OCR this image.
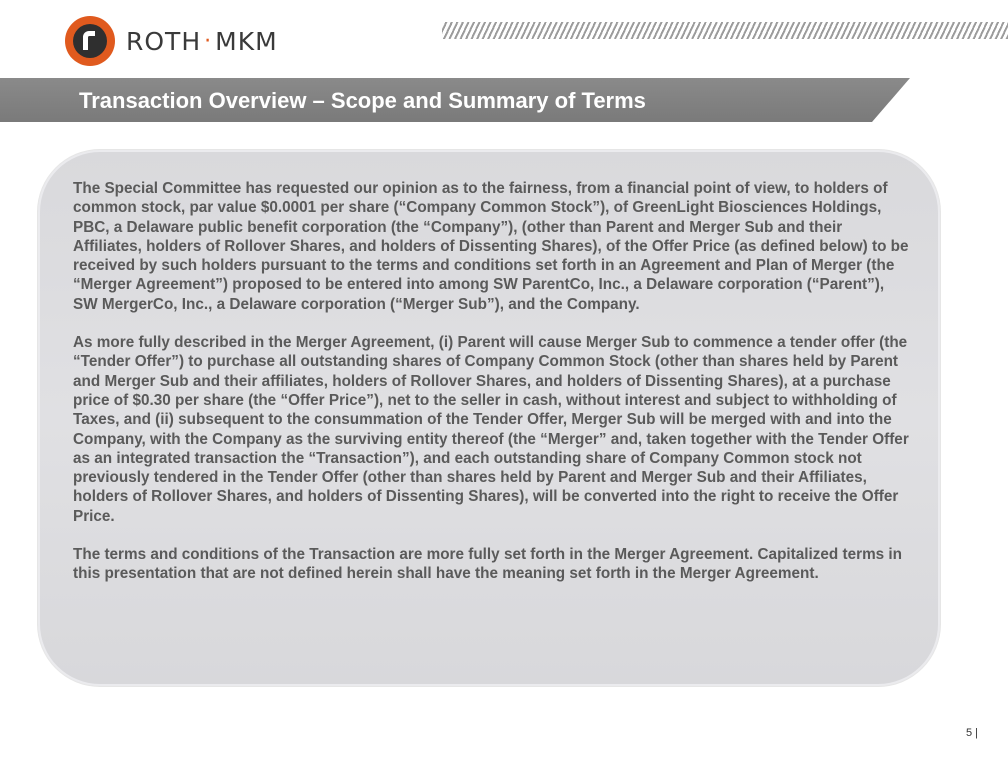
ROTH · MKM
Transaction Overview – Scope and Summary of Terms

The Special Committee has requested our opinion as to the fairness, from a financial point of view, to holders of common stock, par value $0.0001 per share (“Company Common Stock”), of GreenLight Biosciences Holdings, PBC, a Delaware public benefit corporation (the “Company”), (other than Parent and Merger Sub and their Affiliates, holders of Rollover Shares, and holders of Dissenting Shares), of the Offer Price (as defined below) to be received by such holders pursuant to the terms and conditions set forth in an Agreement and Plan of Merger (the “Merger Agreement”) proposed to be entered into among SW ParentCo, Inc., a Delaware corporation (“Parent”), SW MergerCo, Inc., a Delaware corporation (“Merger Sub”), and the Company.

As more fully described in the Merger Agreement, (i) Parent will cause Merger Sub to commence a tender offer (the “Tender Offer”) to purchase all outstanding shares of Company Common Stock (other than shares held by Parent and Merger Sub and their affiliates, holders of Rollover Shares, and holders of Dissenting Shares), at a purchase price of $0.30 per share (the “Offer Price”), net to the seller in cash, without interest and subject to withholding of Taxes, and (ii) subsequent to the consummation of the Tender Offer, Merger Sub will be merged with and into the Company, with the Company as the surviving entity thereof (the “Merger” and, taken together with the Tender Offer as an integrated transaction the “Transaction”), and each outstanding share of Company Common stock not previously tendered in the Tender Offer (other than shares held by Parent and Merger Sub and their Affiliates, holders of Rollover Shares, and holders of Dissenting Shares), will be converted into the right to receive the Offer Price.

The terms and conditions of the Transaction are more fully set forth in the Merger Agreement. Capitalized terms in this presentation that are not defined herein shall have the meaning set forth in the Merger Agreement.

5 |
